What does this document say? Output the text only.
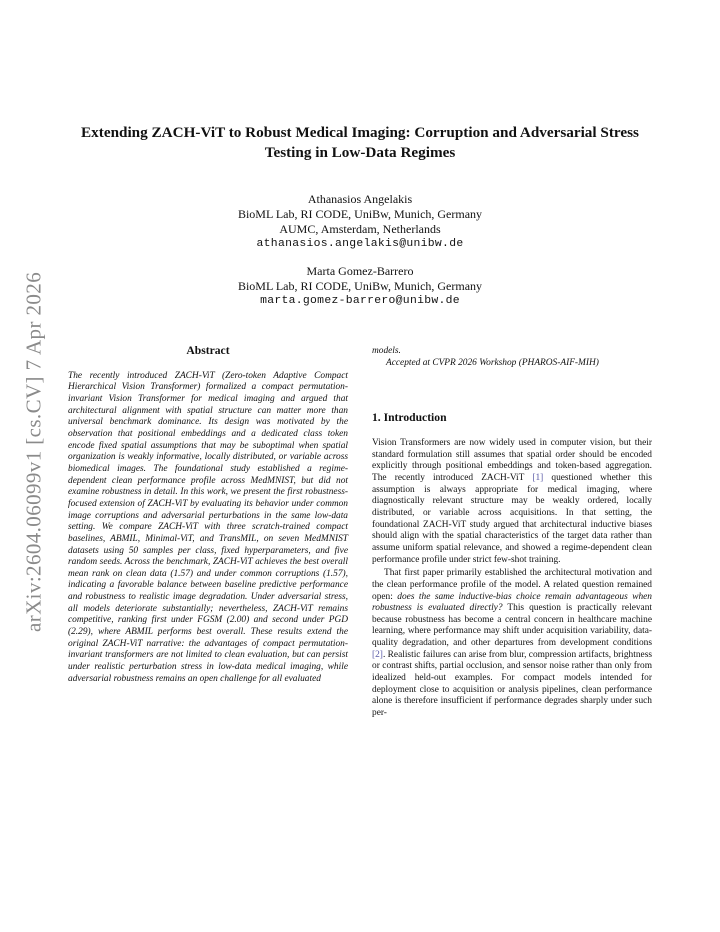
arXiv:2604.06099v1 [cs.CV] 7 Apr 2026
Extending ZACH-ViT to Robust Medical Imaging: Corruption and Adversarial Stress Testing in Low-Data Regimes
Athanasios Angelakis
BioML Lab, RI CODE, UniBw, Munich, Germany
AUMC, Amsterdam, Netherlands
athanasios.angelakis@unibw.de
Marta Gomez-Barrero
BioML Lab, RI CODE, UniBw, Munich, Germany
marta.gomez-barrero@unibw.de
Abstract

The recently introduced ZACH-ViT (Zero-token Adaptive Compact Hierarchical Vision Transformer) formalized a compact permutation-invariant Vision Transformer for medical imaging and argued that architectural alignment with spatial structure can matter more than universal benchmark dominance. Its design was motivated by the observation that positional embeddings and a dedicated class token encode fixed spatial assumptions that may be suboptimal when spatial organization is weakly informative, locally distributed, or variable across biomedical images. The foundational study established a regime-dependent clean performance profile across MedMNIST, but did not examine robustness in detail. In this work, we present the first robustness-focused extension of ZACH-ViT by evaluating its behavior under common image corruptions and adversarial perturbations in the same low-data setting. We compare ZACH-ViT with three scratch-trained compact baselines, ABMIL, Minimal-ViT, and TransMIL, on seven MedMNIST datasets using 50 samples per class, fixed hyperparameters, and five random seeds. Across the benchmark, ZACH-ViT achieves the best overall mean rank on clean data (1.57) and under common corruptions (1.57), indicating a favorable balance between baseline predictive performance and robustness to realistic image degradation. Under adversarial stress, all models deteriorate substantially; nevertheless, ZACH-ViT remains competitive, ranking first under FGSM (2.00) and second under PGD (2.29), where ABMIL performs best overall. These results extend the original ZACH-ViT narrative: the advantages of compact permutation-invariant transformers are not limited to clean evaluation, but can persist under realistic perturbation stress in low-data medical imaging, while adversarial robustness remains an open challenge for all evaluated

models.

Accepted at CVPR 2026 Workshop (PHAROS-AIF-MIH)

1. Introduction

Vision Transformers are now widely used in computer vision, but their standard formulation still assumes that spatial order should be encoded explicitly through positional embeddings and token-based aggregation. The recently introduced ZACH-ViT [1] questioned whether this assumption is always appropriate for medical imaging, where diagnostically relevant structure may be weakly ordered, locally distributed, or variable across acquisitions. In that setting, the foundational ZACH-ViT study argued that architectural inductive biases should align with the spatial characteristics of the target data rather than assume uniform spatial relevance, and showed a regime-dependent clean performance profile under strict few-shot training.

That first paper primarily established the architectural motivation and the clean performance profile of the model. A related question remained open: does the same inductive-bias choice remain advantageous when robustness is evaluated directly? This question is practically relevant because robustness has become a central concern in healthcare machine learning, where performance may shift under acquisition variability, data-quality degradation, and other departures from development conditions [2]. Realistic failures can arise from blur, compression artifacts, brightness or contrast shifts, partial occlusion, and sensor noise rather than only from idealized held-out examples. For compact models intended for deployment close to acquisition or analysis pipelines, clean performance alone is therefore insufficient if performance degrades sharply under such per-
